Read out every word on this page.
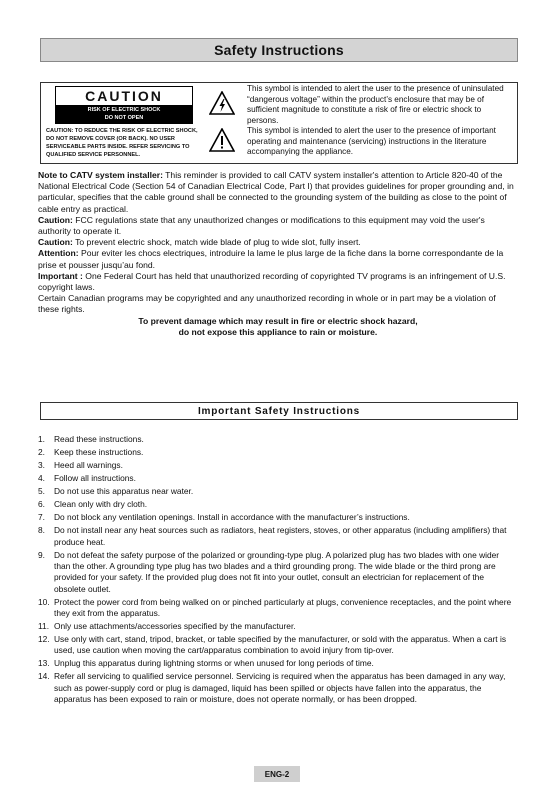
Safety Instructions
CAUTION
RISK OF ELECTRIC SHOCK
DO NOT OPEN
CAUTION: TO REDUCE THE RISK OF ELECTRIC SHOCK, DO NOT REMOVE COVER (OR BACK). NO USER SERVICEABLE PARTS INSIDE. REFER SERVICING TO QUALIFIED SERVICE PERSONNEL.
This symbol is intended to alert the user to the presence of uninsulated “dangerous voltage” within the product’s enclosure that may be of sufficient magnitude to constitute a risk of fire or electric shock to persons.
This symbol is intended to alert the user to the presence of important operating and maintenance (servicing) instructions in the literature accompanying the appliance.

Note to CATV system installer: This reminder is provided to call CATV system installer's attention to Article 820-40 of the National Electrical Code (Section 54 of Canadian Electrical Code, Part I) that provides guidelines for proper grounding and, in particular, specifies that the cable ground shall be connected to the grounding system of the building as close to the point of cable entry as practical.

Caution: FCC regulations state that any unauthorized changes or modifications to this equipment may void the user's authority to operate it.

Caution: To prevent electric shock, match wide blade of plug to wide slot, fully insert.

Attention: Pour eviter les chocs electriques, introduire la lame le plus large de la fiche dans la borne correspondante de la prise et pousser jusqu’au fond.

Important : One Federal Court has held that unauthorized recording of copyrighted TV programs is an infringement of U.S. copyright laws.

Certain Canadian programs may be copyrighted and any unauthorized recording in whole or in part may be a violation of these rights.

To prevent damage which may result in fire or electric shock hazard,

do not expose this appliance to rain or moisture.

Important Safety Instructions
1. Read these instructions.
2. Keep these instructions.
3. Heed all warnings.
4. Follow all instructions.
5. Do not use this apparatus near water.
6. Clean only with dry cloth.
7. Do not block any ventilation openings. Install in accordance with the manufacturer’s instructions.
8. Do not install near any heat sources such as radiators, heat registers, stoves, or other apparatus (including amplifiers) that produce heat.
9. Do not defeat the safety purpose of the polarized or grounding-type plug. A polarized plug has two blades with one wider than the other. A grounding type plug has two blades and a third grounding prong. The wide blade or the third prong are provided for your safety. If the provided plug does not fit into your outlet, consult an electrician for replacement of the obsolete outlet.
10. Protect the power cord from being walked on or pinched particularly at plugs, convenience receptacles, and the point where they exit from the apparatus.
11. Only use attachments/accessories specified by the manufacturer.
12. Use only with cart, stand, tripod, bracket, or table specified by the manufacturer, or sold with the apparatus. When a cart is used, use caution when moving the cart/apparatus combination to avoid injury from tip-over.
13. Unplug this apparatus during lightning storms or when unused for long periods of time.
14. Refer all servicing to qualified service personnel. Servicing is required when the apparatus has been damaged in any way, such as power-supply cord or plug is damaged, liquid has been spilled or objects have fallen into the apparatus, the apparatus has been exposed to rain or moisture, does not operate normally, or has been dropped.
ENG-2
